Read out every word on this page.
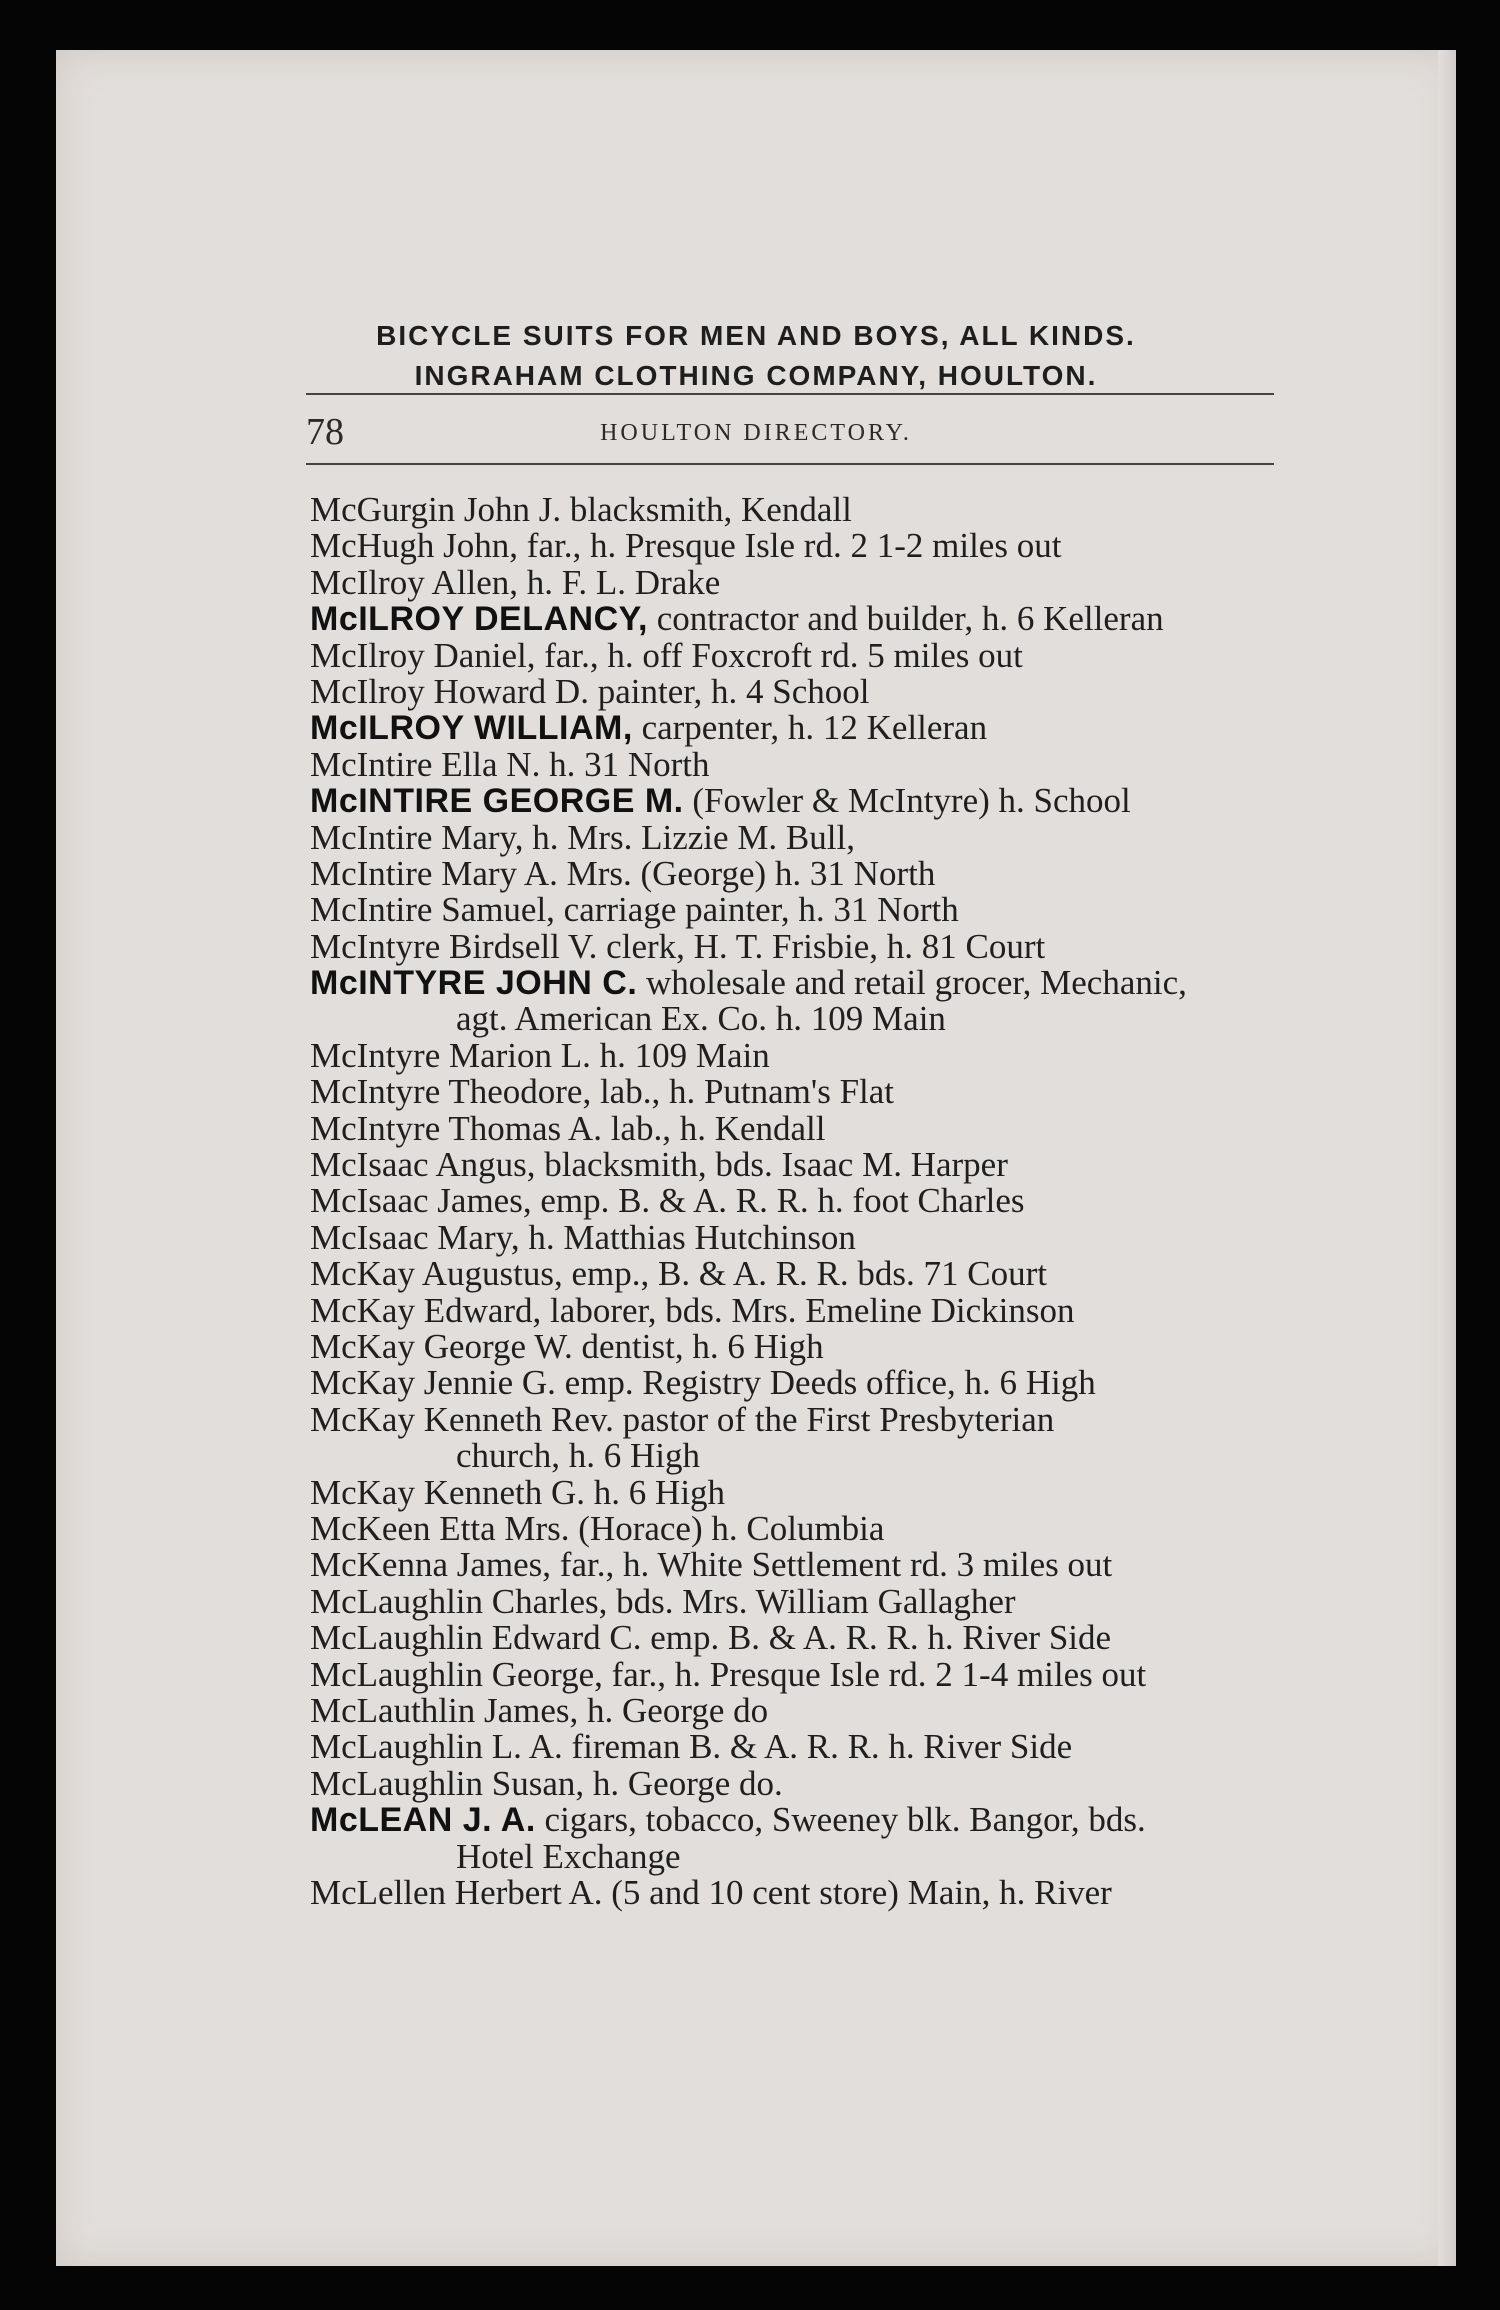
BICYCLE SUITS FOR MEN AND BOYS, ALL KINDS.
INGRAHAM CLOTHING COMPANY, HOULTON.
78	HOULTON DIRECTORY.
McGurgin John J. blacksmith, Kendall
McHugh John, far., h. Presque Isle rd. 2 1-2 miles out
McIlroy Allen, h. F. L. Drake
McILROY DELANCY, contractor and builder, h. 6 Kelleran
McIlroy Daniel, far., h. off Foxcroft rd. 5 miles out
McIlroy Howard D. painter, h. 4 School
McILROY WILLIAM, carpenter, h. 12 Kelleran
McIntire Ella N. h. 31 North
McINTIRE GEORGE M. (Fowler & McIntyre) h. School
McIntire Mary, h. Mrs. Lizzie M. Bull,
McIntire Mary A. Mrs. (George) h. 31 North
McIntire Samuel, carriage painter, h. 31 North
McIntyre Birdsell V. clerk, H. T. Frisbie, h. 81 Court
McINTYRE JOHN C. wholesale and retail grocer, Mechanic,
agt. American Ex. Co. h. 109 Main
McIntyre Marion L. h. 109 Main
McIntyre Theodore, lab., h. Putnam's Flat
McIntyre Thomas A. lab., h. Kendall
McIsaac Angus, blacksmith, bds. Isaac M. Harper
McIsaac James, emp. B. & A. R. R. h. foot Charles
McIsaac Mary, h. Matthias Hutchinson
McKay Augustus, emp., B. & A. R. R. bds. 71 Court
McKay Edward, laborer, bds. Mrs. Emeline Dickinson
McKay George W. dentist, h. 6 High
McKay Jennie G. emp. Registry Deeds office, h. 6 High
McKay Kenneth Rev. pastor of the First Presbyterian
church, h. 6 High
McKay Kenneth G. h. 6 High
McKeen Etta Mrs. (Horace) h. Columbia
McKenna James, far., h. White Settlement rd. 3 miles out
McLaughlin Charles, bds. Mrs. William Gallagher
McLaughlin Edward C. emp. B. & A. R. R. h. River Side
McLaughlin George, far., h. Presque Isle rd. 2 1-4 miles out
McLauthlin James, h. George do
McLaughlin L. A. fireman B. & A. R. R. h. River Side
McLaughlin Susan, h. George do.
McLEAN J. A. cigars, tobacco, Sweeney blk. Bangor, bds.
Hotel Exchange
McLellen Herbert A. (5 and 10 cent store) Main, h. River
